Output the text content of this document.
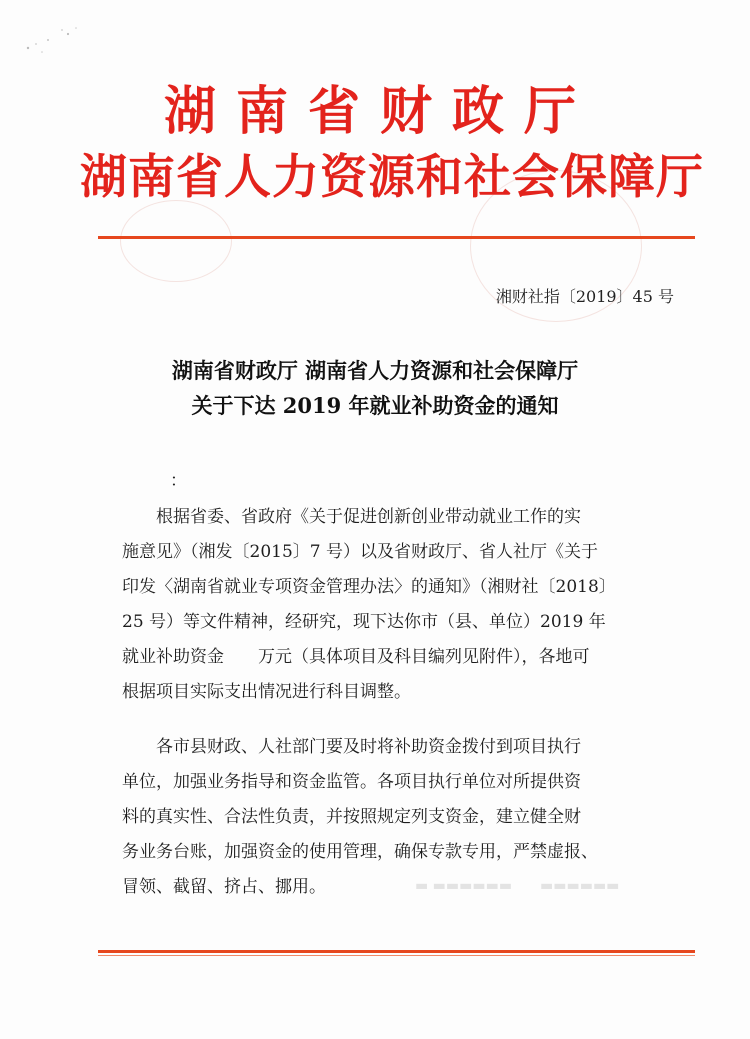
▬ ▬▬▬▬▬▬　　▬▬▬▬▬▬
湖南省财政厅
湖南省人力资源和社会保障厅
湘财社指〔2019〕45 号
湖南省财政厅 湖南省人力资源和社会保障厅
关于下达 2019 年就业补助资金的通知
：
根据省委、省政府《关于促进创新创业带动就业工作的实
施意见》（湘发〔2015〕7 号）以及省财政厅、省人社厅《关于
印发〈湖南省就业专项资金管理办法〉的通知》（湘财社〔2018〕
25 号）等文件精神，经研究，现下达你市（县、单位）2019 年
就业补助资金　　万元（具体项目及科目编列见附件），各地可
根据项目实际支出情况进行科目调整。
各市县财政、人社部门要及时将补助资金拨付到项目执行
单位，加强业务指导和资金监管。各项目执行单位对所提供资
料的真实性、合法性负责，并按照规定列支资金，建立健全财
务业务台账，加强资金的使用管理，确保专款专用，严禁虚报、
冒领、截留、挤占、挪用。
